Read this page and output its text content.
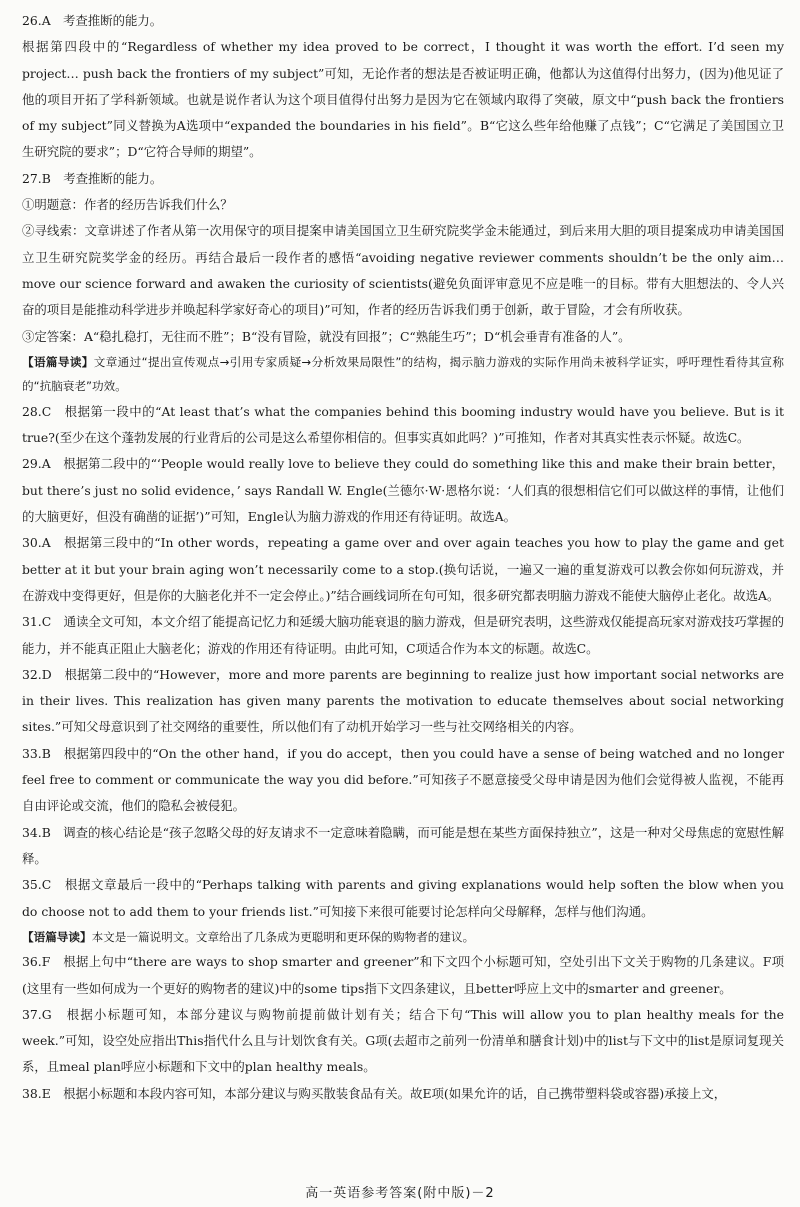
26.A　考查推断的能力。

根据第四段中的“Regardless of whether my idea proved to be correct，I thought it was worth the effort. I’d seen my project… push back the frontiers of my subject”可知，无论作者的想法是否被证明正确，他都认为这值得付出努力，(因为)他见证了他的项目开拓了学科新领域。也就是说作者认为这个项目值得付出努力是因为它在领域内取得了突破，原文中“push back the frontiers of my subject”同义替换为A选项中“expanded the boundaries in his field”。B“它这么些年给他赚了点钱”；C“它满足了美国国立卫生研究院的要求”；D“它符合导师的期望”。

27.B　考查推断的能力。

①明题意：作者的经历告诉我们什么？

②寻线索：文章讲述了作者从第一次用保守的项目提案申请美国国立卫生研究院奖学金未能通过，到后来用大胆的项目提案成功申请美国国立卫生研究院奖学金的经历。再结合最后一段作者的感悟“avoiding negative reviewer comments shouldn’t be the only aim… move our science forward and awaken the curiosity of scientists(避免负面评审意见不应是唯一的目标。带有大胆想法的、令人兴奋的项目是能推动科学进步并唤起科学家好奇心的项目)”可知，作者的经历告诉我们勇于创新，敢于冒险，才会有所收获。

③定答案：A“稳扎稳打，无往而不胜”；B“没有冒险，就没有回报”；C“熟能生巧”；D“机会垂青有准备的人”。

【语篇导读】文章通过“提出宣传观点→引用专家质疑→分析效果局限性”的结构，揭示脑力游戏的实际作用尚未被科学证实，呼吁理性看待其宣称的“抗脑衰老”功效。

28.C　根据第一段中的“At least that’s what the companies behind this booming industry would have you believe. But is it true?(至少在这个蓬勃发展的行业背后的公司是这么希望你相信的。但事实真如此吗？)”可推知，作者对其真实性表示怀疑。故选C。

29.A　根据第二段中的“‘People would really love to believe they could do something like this and make their brain better，but there’s just no solid evidence，’ says Randall W. Engle(兰德尔·W·恩格尔说：‘人们真的很想相信它们可以做这样的事情，让他们的大脑更好，但没有确凿的证据’)”可知，Engle认为脑力游戏的作用还有待证明。故选A。

30.A　根据第三段中的“In other words，repeating a game over and over again teaches you how to play the game and get better at it but your brain aging won’t necessarily come to a stop.(换句话说，一遍又一遍的重复游戏可以教会你如何玩游戏，并在游戏中变得更好，但是你的大脑老化并不一定会停止。)”结合画线词所在句可知，很多研究都表明脑力游戏不能使大脑停止老化。故选A。

31.C　通读全文可知，本文介绍了能提高记忆力和延缓大脑功能衰退的脑力游戏，但是研究表明，这些游戏仅能提高玩家对游戏技巧掌握的能力，并不能真正阻止大脑老化；游戏的作用还有待证明。由此可知，C项适合作为本文的标题。故选C。

32.D　根据第二段中的“However，more and more parents are beginning to realize just how important social networks are in their lives. This realization has given many parents the motivation to educate themselves about social networking sites.”可知父母意识到了社交网络的重要性，所以他们有了动机开始学习一些与社交网络相关的内容。

33.B　根据第四段中的“On the other hand，if you do accept，then you could have a sense of being watched and no longer feel free to comment or communicate the way you did before.”可知孩子不愿意接受父母申请是因为他们会觉得被人监视，不能再自由评论或交流，他们的隐私会被侵犯。

34.B　调查的核心结论是“孩子忽略父母的好友请求不一定意味着隐瞒，而可能是想在某些方面保持独立”，这是一种对父母焦虑的宽慰性解释。

35.C　根据文章最后一段中的“Perhaps talking with parents and giving explanations would help soften the blow when you do choose not to add them to your friends list.”可知接下来很可能要讨论怎样向父母解释，怎样与他们沟通。

【语篇导读】本文是一篇说明文。文章给出了几条成为更聪明和更环保的购物者的建议。

36.F　根据上句中“there are ways to shop smarter and greener”和下文四个小标题可知，空处引出下文关于购物的几条建议。F项(这里有一些如何成为一个更好的购物者的建议)中的some tips指下文四条建议，且better呼应上文中的smarter and greener。

37.G　根据小标题可知，本部分建议与购物前提前做计划有关；结合下句“This will allow you to plan healthy meals for the week.”可知，设空处应指出This指代什么且与计划饮食有关。G项(去超市之前列一份清单和膳食计划)中的list与下文中的list是原词复现关系，且meal plan呼应小标题和下文中的plan healthy meals。

38.E　根据小标题和本段内容可知，本部分建议与购买散装食品有关。故E项(如果允许的话，自己携带塑料袋或容器)承接上文，

高一英语参考答案(附中版)－2
